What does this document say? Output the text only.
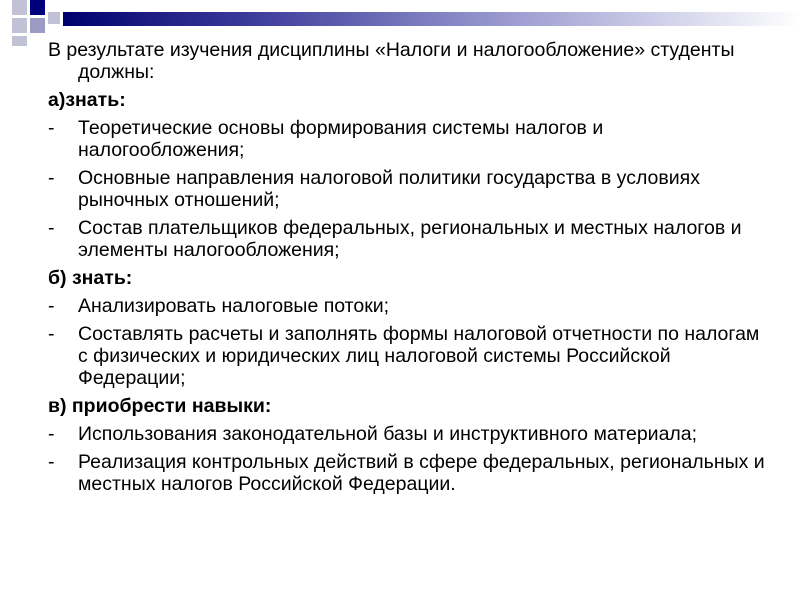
В результате изучения дисциплины «Налоги и налогообложение» студенты должны:
а)знать:
- Теоретические основы формирования системы налогов и налогообложения;
- Основные направления налоговой политики государства в условиях рыночных отношений;
- Состав плательщиков федеральных, региональных и местных налогов и элементы налогообложения;
б) знать:
- Анализировать налоговые потоки;
- Составлять расчеты и заполнять формы налоговой отчетности по налогам с физических и юридических лиц налоговой системы Российской Федерации;
в) приобрести навыки:
- Использования законодательной базы и инструктивного материала;
- Реализация контрольных действий в сфере федеральных, региональных и местных налогов Российской Федерации.
